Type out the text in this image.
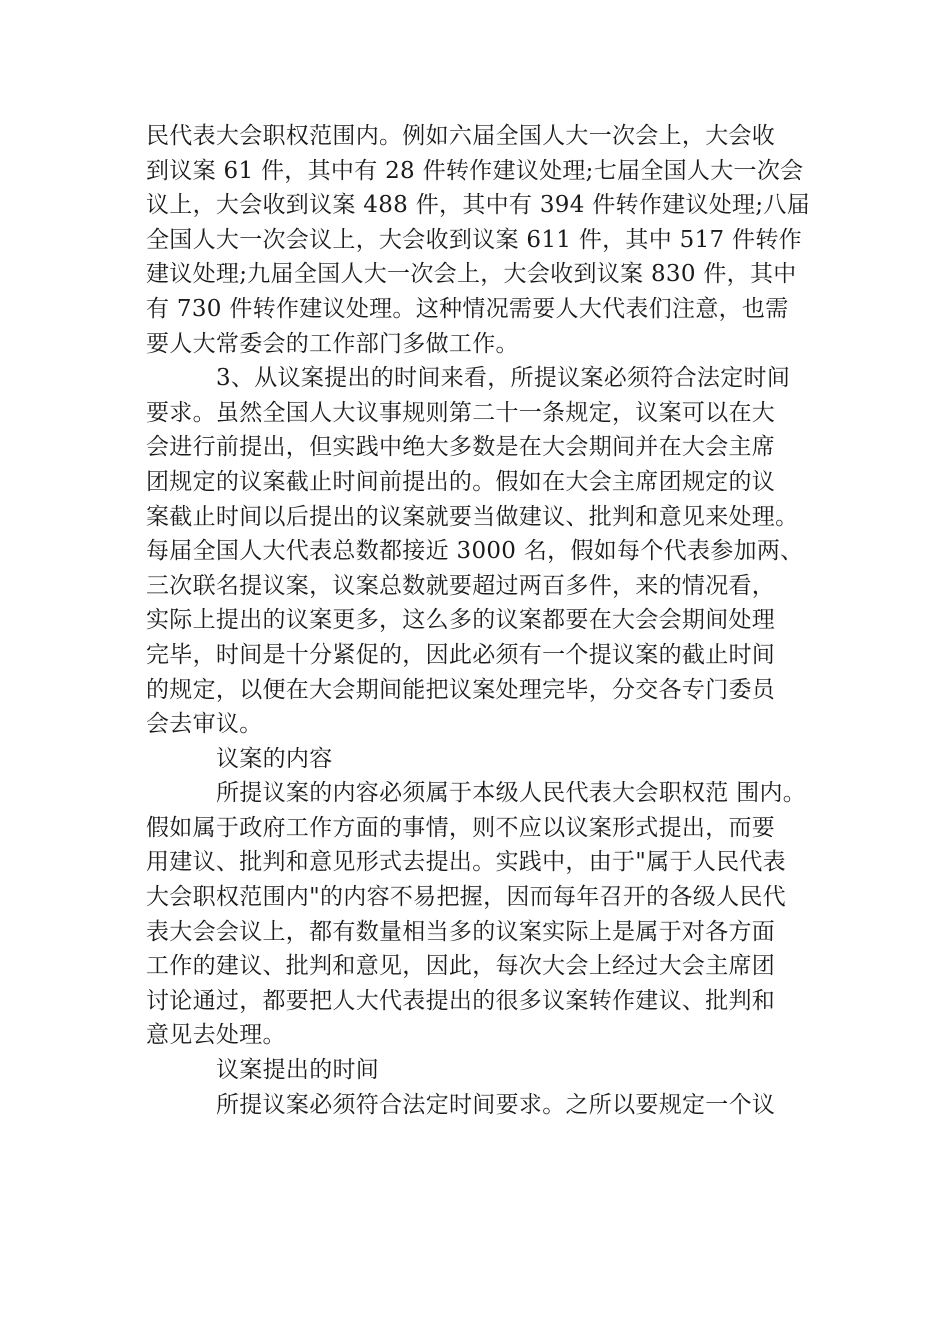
民代表大会职权范围内。例如六届全国人大一次会上，大会收
到议案 61 件，其中有 28 件转作建议处理;七届全国人大一次会
议上，大会收到议案 488 件，其中有 394 件转作建议处理;八届
全国人大一次会议上，大会收到议案 611 件，其中 517 件转作
建议处理;九届全国人大一次会上，大会收到议案 830 件，其中
有 730 件转作建议处理。这种情况需要人大代表们注意，也需
要人大常委会的工作部门多做工作。
3、从议案提出的时间来看，所提议案必须符合法定时间
要求。虽然全国人大议事规则第二十一条规定，议案可以在大
会进行前提出，但实践中绝大多数是在大会期间并在大会主席
团规定的议案截止时间前提出的。假如在大会主席团规定的议
案截止时间以后提出的议案就要当做建议、批判和意见来处理。
每届全国人大代表总数都接近 3000 名，假如每个代表参加两、
三次联名提议案，议案总数就要超过两百多件，来的情况看，
实际上提出的议案更多，这么多的议案都要在大会会期间处理
完毕，时间是十分紧促的，因此必须有一个提议案的截止时间
的规定，以便在大会期间能把议案处理完毕，分交各专门委员
会去审议。
议案的内容
所提议案的内容必须属于本级人民代表大会职权范 围内。
假如属于政府工作方面的事情，则不应以议案形式提出，而要
用建议、批判和意见形式去提出。实践中，由于"属于人民代表
大会职权范围内"的内容不易把握，因而每年召开的各级人民代
表大会会议上，都有数量相当多的议案实际上是属于对各方面
工作的建议、批判和意见，因此，每次大会上经过大会主席团
讨论通过，都要把人大代表提出的很多议案转作建议、批判和
意见去处理。
议案提出的时间
所提议案必须符合法定时间要求。之所以要规定一个议
